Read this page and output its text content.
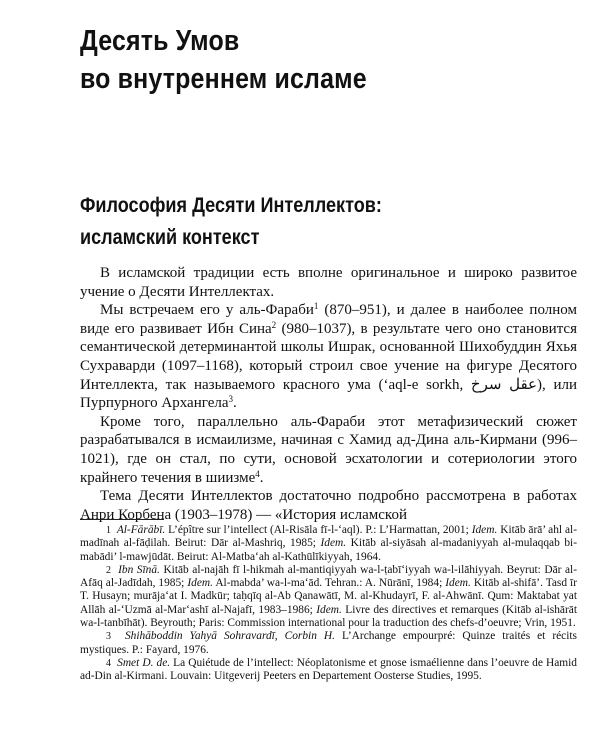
Десять Умов
во внутреннем исламе
Философия Десяти Интеллектов:
исламский контекст

В исламской традиции есть вполне оригинальное и широко развитое учение о Десяти Интеллектах.

Мы встречаем его у аль-Фараби$^1$ (870–951), и далее в наиболее полном виде его развивает Ибн Сина$^2$ (980–1037), в результате чего оно становится семантической детерминантой школы Ишрак, основанной Шихобуддин Яхья Сухраварди (1097–1168), который строил свое учение на фигуре Десятого Интеллекта, так называемого красного ума (‘aql-e sorkh, عقل سرخ), или Пурпурного Архангела$^3$.

Кроме того, параллельно аль-Фараби этот метафизический сюжет разрабатывался в исмаилизме, начиная с Хамид ад-Дина аль-Кирмани (996–1021), где он стал, по сути, основой эсхатологии и сотериологии этого крайнего течения в шиизме$^4$.

Тема Десяти Интеллектов достаточно подробно рассмотрена в работах Анри Корбена (1903–1978) — «История исламской

1 Al-Fārābī. L’épître sur l’intellect (Al-Risāla fī-l-‘aql). P.: L’Harmattan, 2001; Idem. Kitāb ārā’ ahl al-madīnah al-fāḍilah. Beirut: Dār al-Mashriq, 1985; Idem. Kitāb al-siyāsah al-madaniyyah al-mulaqqab bi-mabādi’ l-mawjūdāt. Beirut: Al-Matba‘ah al-Kathūlīkiyyah, 1964.

2 Ibn Sīnā. Kitāb al-najāh fī l-hikmah al-mantiqiyyah wa-l-ṭabī‘iyyah wa-l-ilāhiyyah. Beyrut: Dār al-Afāq al-Jadīdah, 1985; Idem. Al-mabda’ wa-l-ma‘ād. Tehran.: A. Nūrānī, 1984; Idem. Kitāb al-shifā’. Tasd īr T. Husayn; murāja‘at I. Madkūr; taḥqīq al-Ab Qanawātī, M. al-Khudayrī, F. al-Ahwānī. Qum: Maktabat yat Allāh al-‘Uzmā al-Mar‘ashī al-Najafī, 1983–1986; Idem. Livre des directives et remarques (Kitāb al-ishārāt wa-l-tanbīhāt). Beyrouth; Paris: Commission international pour la traduction des chefs-d’oeuvre; Vrin, 1951.

3 Shihāboddin Yahyā Sohravardī, Corbin H. L’Archange empourpré: Quinze traités et récits mystiques. P.: Fayard, 1976.

4 Smet D. de. La Quiétude de l’intellect: Néoplatonisme et gnose ismaélienne dans l’oeuvre de Hamid ad-Din al-Kirmani. Louvain: Uitgeverij Peeters en Departement Oosterse Studies, 1995.
